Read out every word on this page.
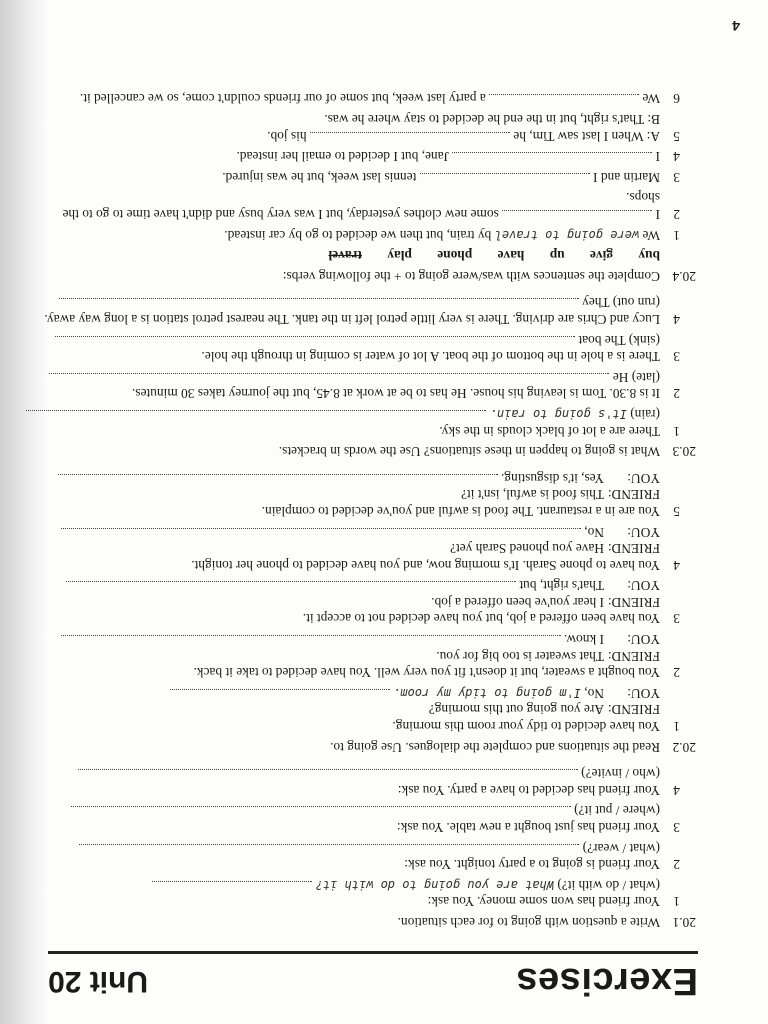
Exercises
Unit 20
20.1
Write a question with going to for each situation.
1
Your friend has won some money. You ask:
(what / do with it?) What are you going to do with it?
2
Your friend is going to a party tonight. You ask:
(what / wear?)
3
Your friend has just bought a new table. You ask:
(where / put it?)
4
Your friend has decided to have a party. You ask:
(who / invite?)
20.2
Read the situations and complete the dialogues. Use going to.
1
You have decided to tidy your room this morning.
FRIEND:
Are you going out this morning?
YOU:
No, I'm going to tidy my room.
2
You bought a sweater, but it doesn't fit you very well. You have decided to take it back.
FRIEND:
That sweater is too big for you.
YOU:
I know.
3
You have been offered a job, but you have decided not to accept it.
FRIEND:
I hear you've been offered a job.
YOU:
That's right, but
4
You have to phone Sarah. It's morning now, and you have decided to phone her tonight.
FRIEND:
Have you phoned Sarah yet?
YOU:
No,
5
You are in a restaurant. The food is awful and you've decided to complain.
FRIEND:
This food is awful, isn't it?
YOU:
Yes, it's disgusting.
20.3
What is going to happen in these situations? Use the words in brackets.
1
There are a lot of black clouds in the sky.
(rain) It's going to rain.
2
It is 8.30. Tom is leaving his house. He has to be at work at 8.45, but the journey takes 30 minutes.
(late) He
3
There is a hole in the bottom of the boat. A lot of water is coming in through the hole.
(sink) The boat
4
Lucy and Chris are driving. There is very little petrol left in the tank. The nearest petrol station is a long way away.
(run out) They
20.4
Complete the sentences with was/were going to + the following verbs:
buy give up have phone play travel
1
We were going to travel by train, but then we decided to go by car instead.
2
I  some new clothes yesterday, but I was very busy and didn't have time to go to the shops.
3
Martin and I  tennis last week, but he was injured.
4
I  Jane, but I decided to email her instead.
5
A: When I last saw Tim, he  his job.
B: That's right, but in the end he decided to stay where he was.
6
We  a party last week, but some of our friends couldn't come, so we cancelled it.
4
